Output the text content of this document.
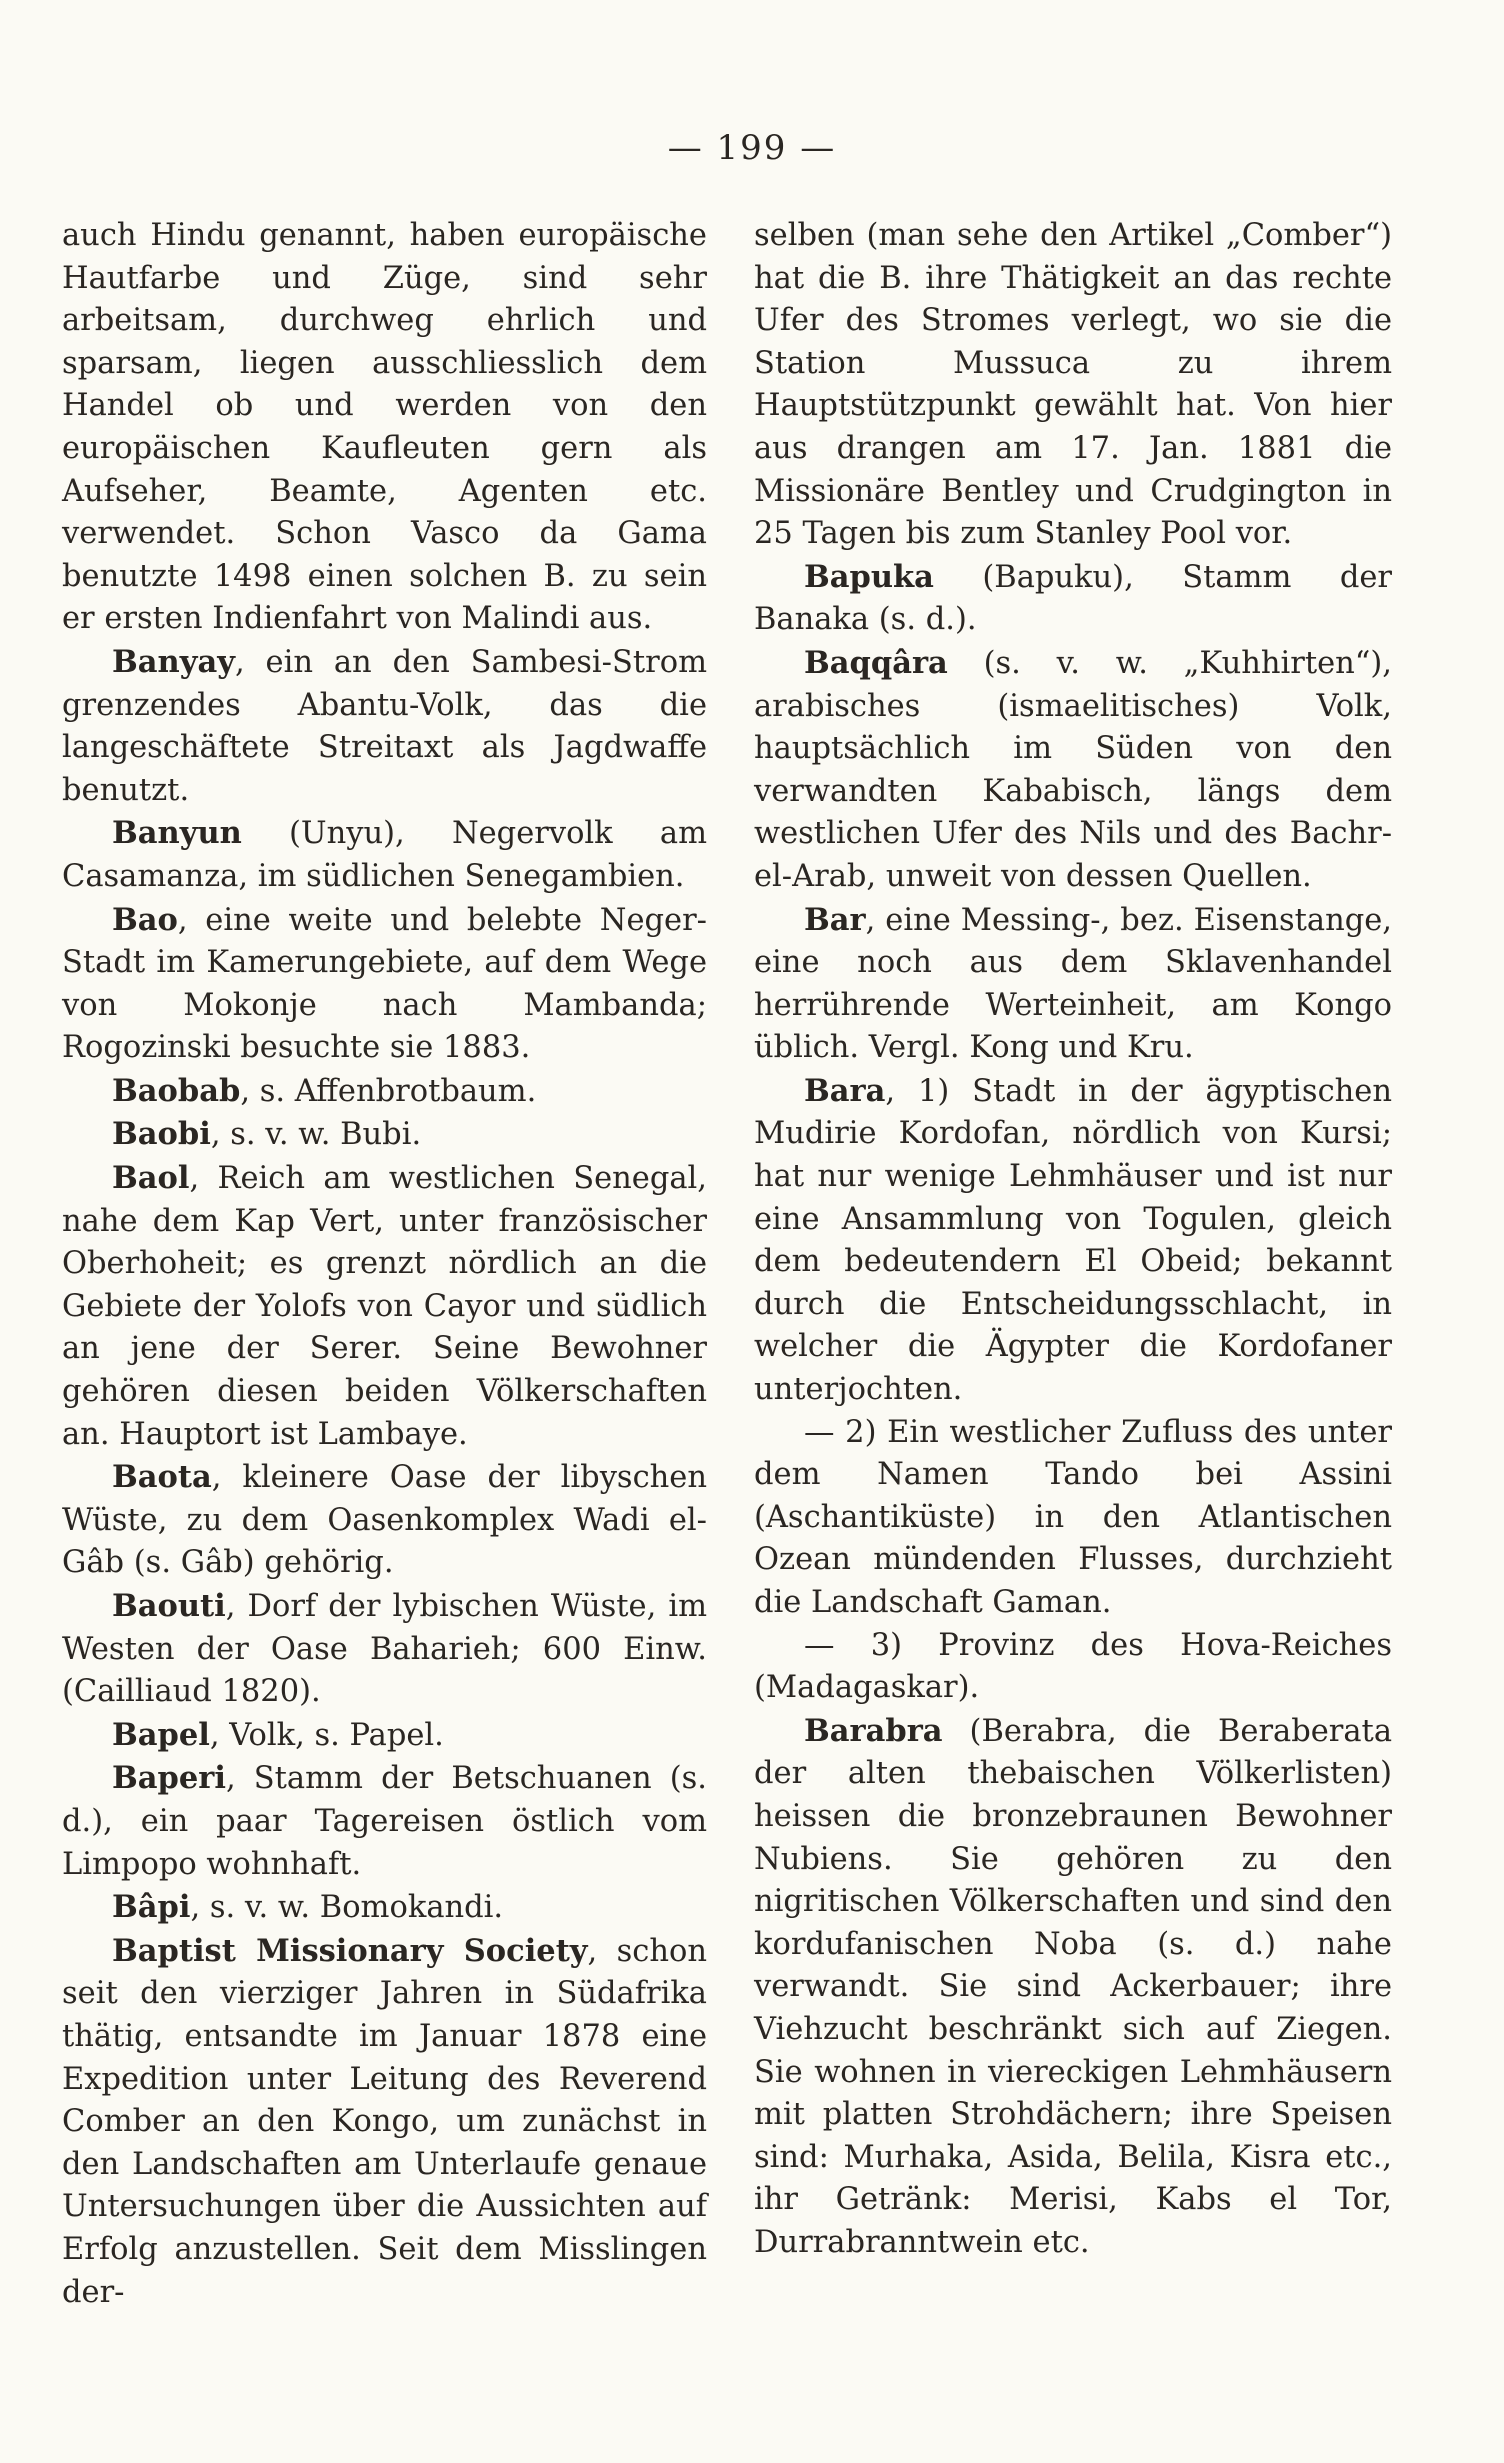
— 199 —

auch Hindu genannt, haben europäische Hautfarbe und Züge, sind sehr arbeitsam, durchweg ehrlich und sparsam, liegen ausschliesslich dem Handel ob und werden von den europäischen Kaufleuten gern als Aufseher, Beamte, Agenten etc. verwendet. Schon Vasco da Gama benutzte 1498 einen solchen B. zu sein er ersten Indienfahrt von Malindi aus.

Banyay, ein an den Sambesi-Strom grenzendes Abantu-Volk, das die langeschäftete Streitaxt als Jagdwaffe benutzt.

Banyun (Unyu), Negervolk am Casamanza, im südlichen Senegambien.

Bao, eine weite und belebte Neger-Stadt im Kamerungebiete, auf dem Wege von Mokonje nach Mambanda; Rogozinski besuchte sie 1883.

Baobab, s. Affenbrotbaum.

Baobi, s. v. w. Bubi.

Baol, Reich am westlichen Senegal, nahe dem Kap Vert, unter französischer Oberhoheit; es grenzt nördlich an die Gebiete der Yolofs von Cayor und südlich an jene der Serer. Seine Bewohner gehören diesen beiden Völkerschaften an. Hauptort ist Lambaye.

Baota, kleinere Oase der libyschen Wüste, zu dem Oasenkomplex Wadi el-Gâb (s. Gâb) gehörig.

Baouti, Dorf der lybischen Wüste, im Westen der Oase Baharieh; 600 Einw. (Cailliaud 1820).

Bapel, Volk, s. Papel.

Baperi, Stamm der Betschuanen (s. d.), ein paar Tagereisen östlich vom Limpopo wohnhaft.

Bâpi, s. v. w. Bomokandi.

Baptist Missionary Society, schon seit den vierziger Jahren in Südafrika thätig, entsandte im Januar 1878 eine Expedition unter Leitung des Reverend Comber an den Kongo, um zunächst in den Landschaften am Unterlaufe genaue Untersuchungen über die Aussichten auf Erfolg anzustellen. Seit dem Misslingen der-

selben (man sehe den Artikel „Comber“) hat die B. ihre Thätigkeit an das rechte Ufer des Stromes verlegt, wo sie die Station Mussuca zu ihrem Hauptstützpunkt gewählt hat. Von hier aus drangen am 17. Jan. 1881 die Missionäre Bentley und Crudgington in 25 Tagen bis zum Stanley Pool vor.

Bapuka (Bapuku), Stamm der Banaka (s. d.).

Baqqâra (s. v. w. „Kuhhirten“), arabisches (ismaelitisches) Volk, hauptsächlich im Süden von den verwandten Kababisch, längs dem westlichen Ufer des Nils und des Bachr-el-Arab, unweit von dessen Quellen.

Bar, eine Messing-, bez. Eisenstange, eine noch aus dem Sklavenhandel herrührende Werteinheit, am Kongo üblich. Vergl. Kong und Kru.

Bara, 1) Stadt in der ägyptischen Mudirie Kordofan, nördlich von Kursi; hat nur wenige Lehmhäuser und ist nur eine Ansammlung von Togulen, gleich dem bedeutendern El Obeid; bekannt durch die Entscheidungsschlacht, in welcher die Ägypter die Kordofaner unterjochten.

— 2) Ein westlicher Zufluss des unter dem Namen Tando bei Assini (Aschantiküste) in den Atlantischen Ozean mündenden Flusses, durchzieht die Landschaft Gaman.

— 3) Provinz des Hova-Reiches (Madagaskar).

Barabra (Berabra, die Beraberata der alten thebaischen Völkerlisten) heissen die bronzebraunen Bewohner Nubiens. Sie gehören zu den nigritischen Völkerschaften und sind den kordufanischen Noba (s. d.) nahe verwandt. Sie sind Ackerbauer; ihre Viehzucht beschränkt sich auf Ziegen. Sie wohnen in viereckigen Lehmhäusern mit platten Strohdächern; ihre Speisen sind: Murhaka, Asida, Belila, Kisra etc., ihr Getränk: Merisi, Kabs el Tor, Durrabranntwein etc.
